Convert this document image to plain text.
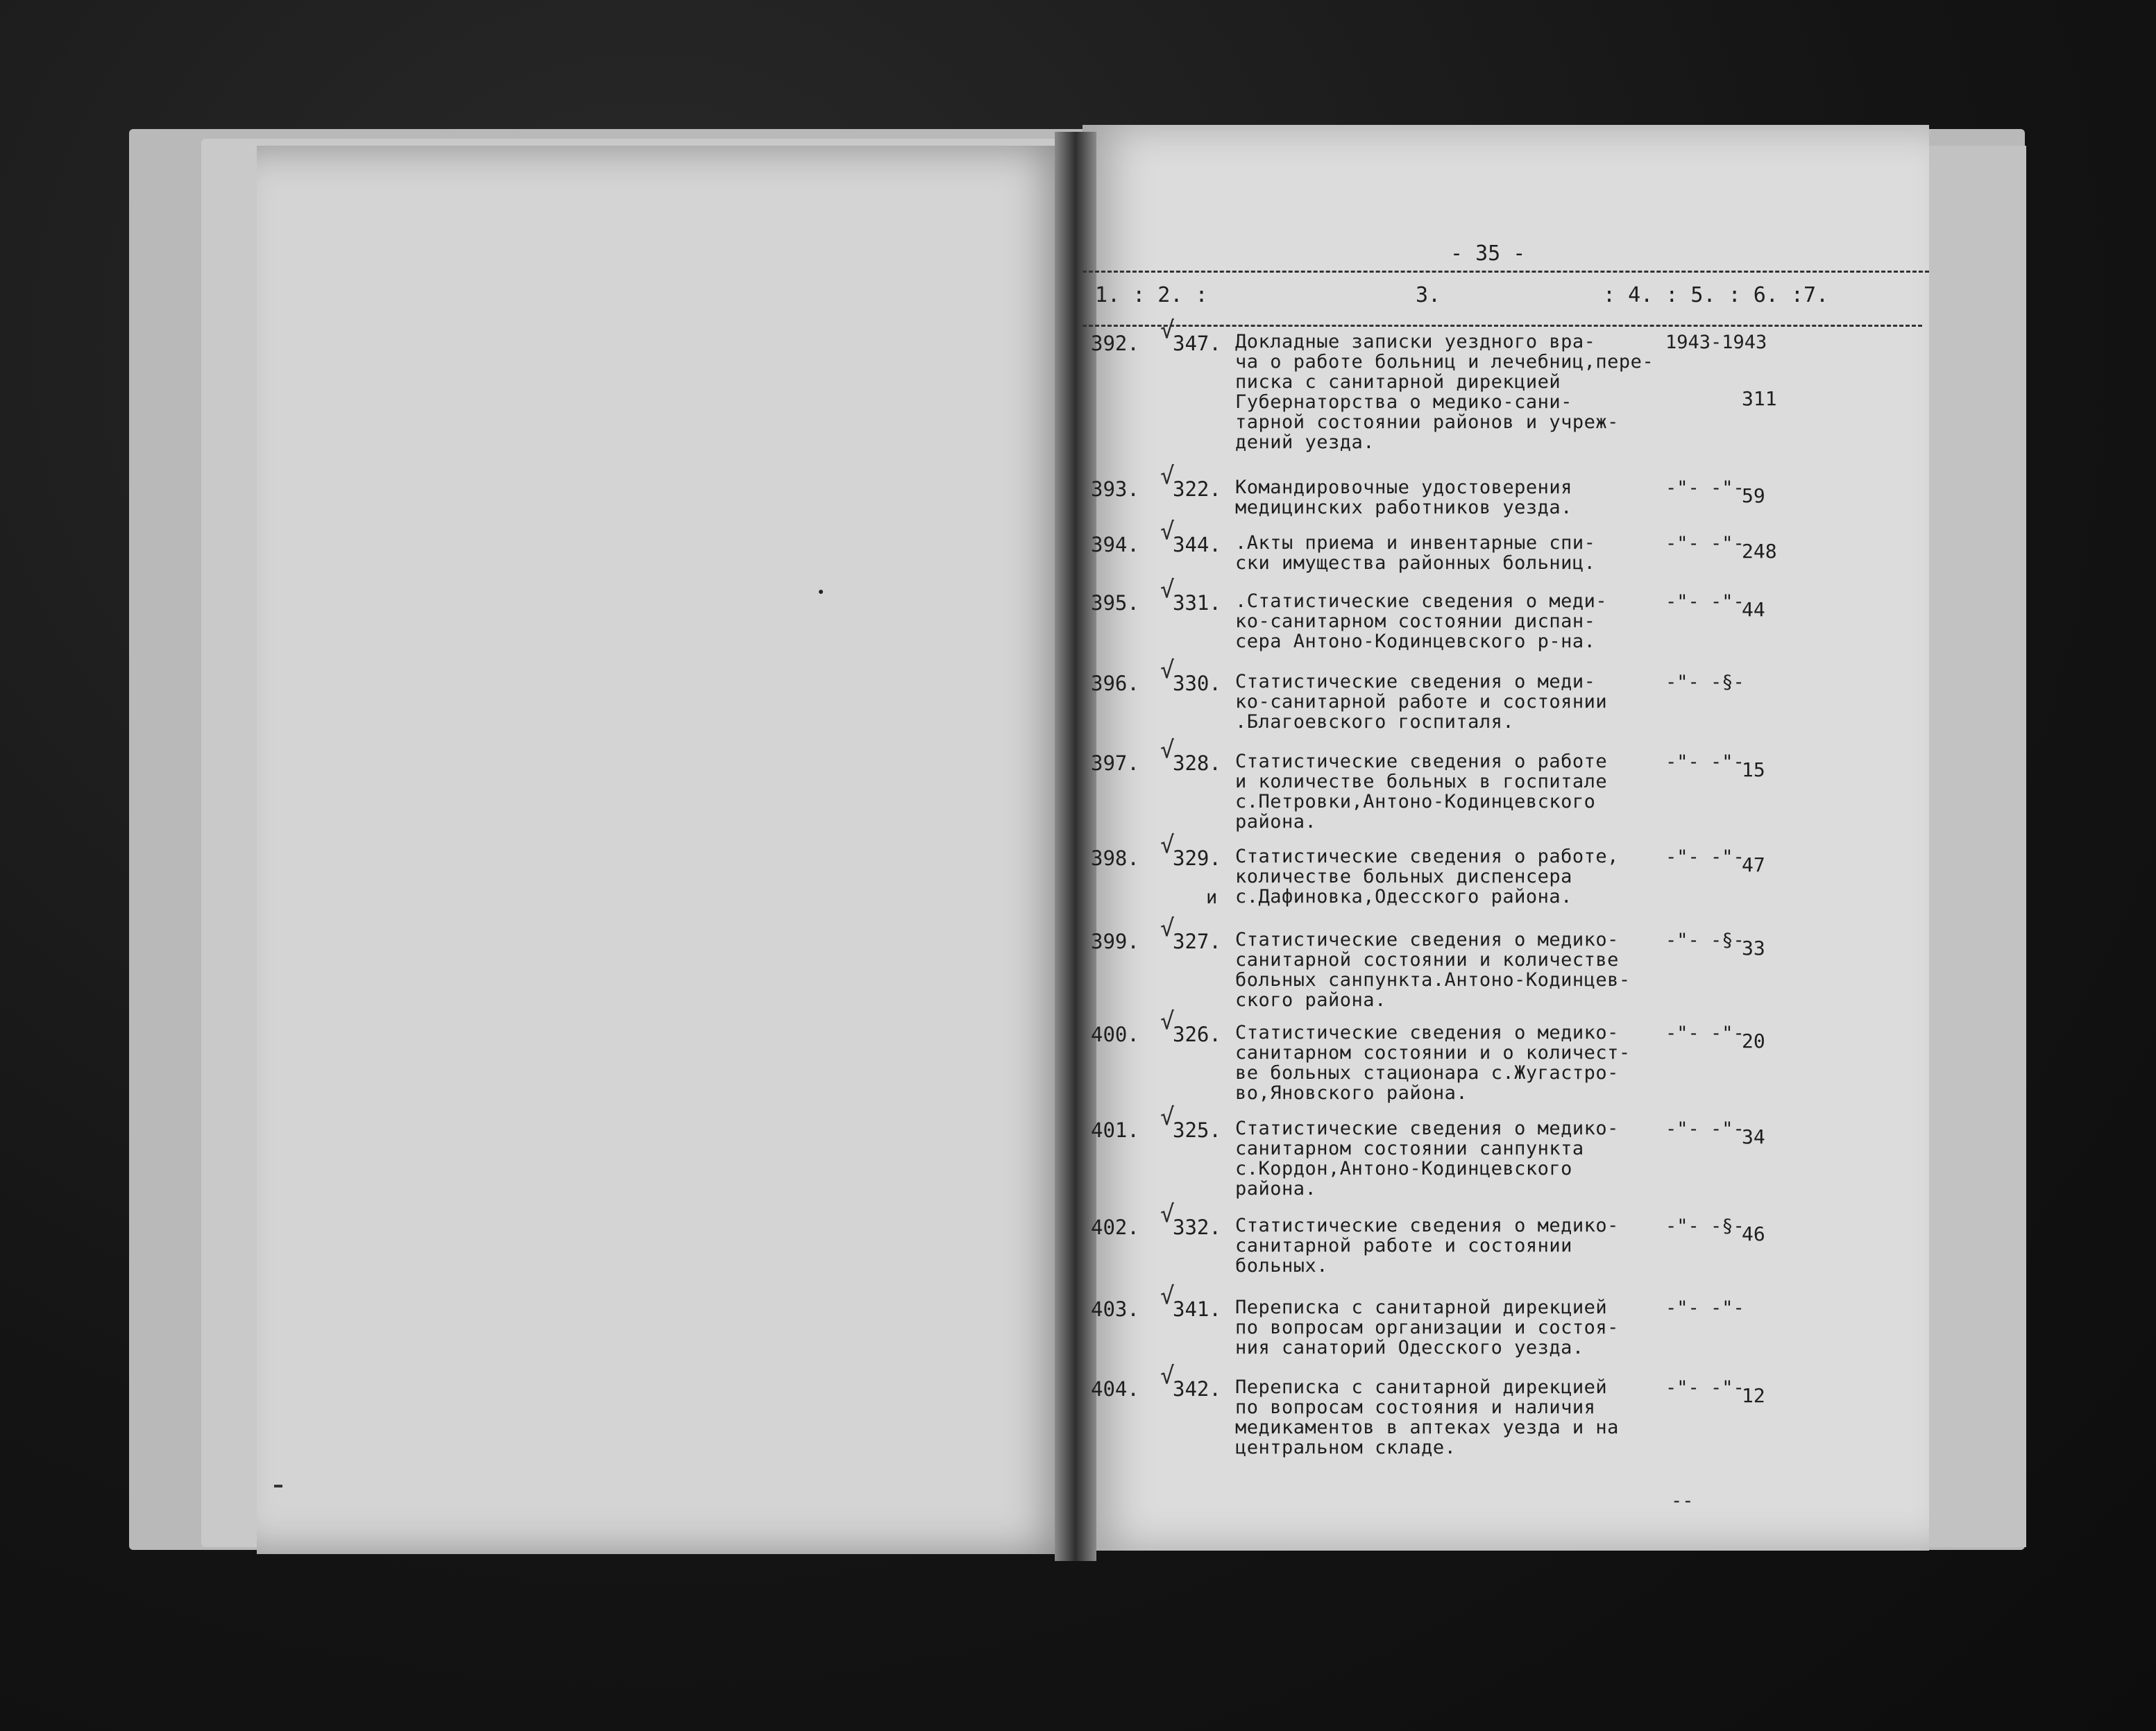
- 35 -
1. : 2. :	3.	: 4. : 5. : 6. :7.
392. √
347. Докладные записки уездного вра-
ча о работе больниц и лечебниц,пере-
писка с санитарной дирекцией
Губернаторства о медико-сани-
тарной состоянии районов и учреж-
дений уезда.
1943-1943
311
393. √
322. Командировочные удостоверения
медицинских работников уезда.
-"- -"-
59
394. √
344. .Акты приема и инвентарные спи-
ски имущества районных больниц.
-"- -"-
248
395. √
331. .Статистические сведения о меди-
ко-санитарном состоянии диспан-
сера Антоно-Кодинцевского р-на.
-"- -"-
44
396. √
330. Статистические сведения о меди-
ко-санитарной работе и состоянии
.Благоевского госпиталя.
-"- -§-
397. √
328. Статистические сведения о работе
и количестве больных в госпитале
с.Петровки,Антоно-Кодинцевского
района.
-"- -"-
15
398. √
329. Статистические сведения о работе,
количестве больных диспенсера
с.Дафиновка,Одесского района.
-"- -"-
47
и
399. √
327. Статистические сведения о медико-
санитарной состоянии и количестве
больных санпункта.Антоно-Кодинцев-
ского района.
-"- -§-
33
400. √
326. Статистические сведения о медико-
санитарном состоянии и о количест-
ве больных стационара с.Жугастро-
во,Яновского района.
-"- -"-
20
401. √
325. Статистические сведения о медико-
санитарном состоянии санпункта
с.Кордон,Антоно-Кодинцевского
района.
-"- -"-
34
402. √
332. Статистические сведения о медико-
санитарной работе и состоянии
больных.
-"- -§-
46
403. √
341. Переписка с санитарной дирекцией
по вопросам организации и состоя-
ния санаторий Одесского уезда.
-"- -"-
404. √
342. Переписка с санитарной дирекцией
по вопросам состояния и наличия
медикаментов в аптеках уезда и на
центральном складе.
-"- -"-
12
--
